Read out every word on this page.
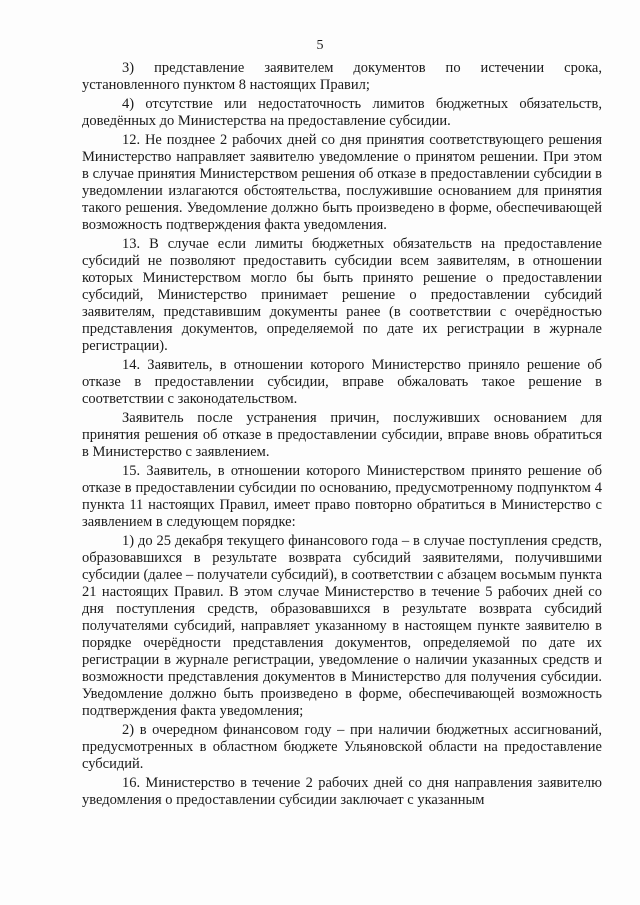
5

3) представление заявителем документов по истечении срока, установленного пунктом 8 настоящих Правил;

4) отсутствие или недостаточность лимитов бюджетных обязательств, доведённых до Министерства на предоставление субсидии.

12. Не позднее 2 рабочих дней со дня принятия соответствующего решения Министерство направляет заявителю уведомление о принятом решении. При этом в случае принятия Министерством решения об отказе в предоставлении субсидии в уведомлении излагаются обстоятельства, послужившие основанием для принятия такого решения. Уведомление должно быть произведено в форме, обеспечивающей возможность подтверждения факта уведомления.

13. В случае если лимиты бюджетных обязательств на предоставление субсидий не позволяют предоставить субсидии всем заявителям, в отношении которых Министерством могло бы быть принято решение о предоставлении субсидий, Министерство принимает решение о предоставлении субсидий заявителям, представившим документы ранее (в соответствии с очерёдностью представления документов, определяемой по дате их регистрации в журнале регистрации).

14. Заявитель, в отношении которого Министерство приняло решение об отказе в предоставлении субсидии, вправе обжаловать такое решение в соответствии с законодательством.

Заявитель после устранения причин, послуживших основанием для принятия решения об отказе в предоставлении субсидии, вправе вновь обратиться в Министерство с заявлением.

15. Заявитель, в отношении которого Министерством принято решение об отказе в предоставлении субсидии по основанию, предусмотренному подпунктом 4 пункта 11 настоящих Правил, имеет право повторно обратиться в Министерство с заявлением в следующем порядке:

1) до 25 декабря текущего финансового года – в случае поступления средств, образовавшихся в результате возврата субсидий заявителями, получившими субсидии (далее – получатели субсидий), в соответствии с абзацем восьмым пункта 21 настоящих Правил. В этом случае Министерство в течение 5 рабочих дней со дня поступления средств, образовавшихся в результате возврата субсидий получателями субсидий, направляет указанному в настоящем пункте заявителю в порядке очерёдности представления документов, определяемой по дате их регистрации в журнале регистрации, уведомление о наличии указанных средств и возможности представления документов в Министерство для получения субсидии. Уведомление должно быть произведено в форме, обеспечивающей возможность подтверждения факта уведомления;

2) в очередном финансовом году – при наличии бюджетных ассигнований, предусмотренных в областном бюджете Ульяновской области на предоставление субсидий.

16. Министерство в течение 2 рабочих дней со дня направления заявителю уведомления о предоставлении субсидии заключает с указанным
